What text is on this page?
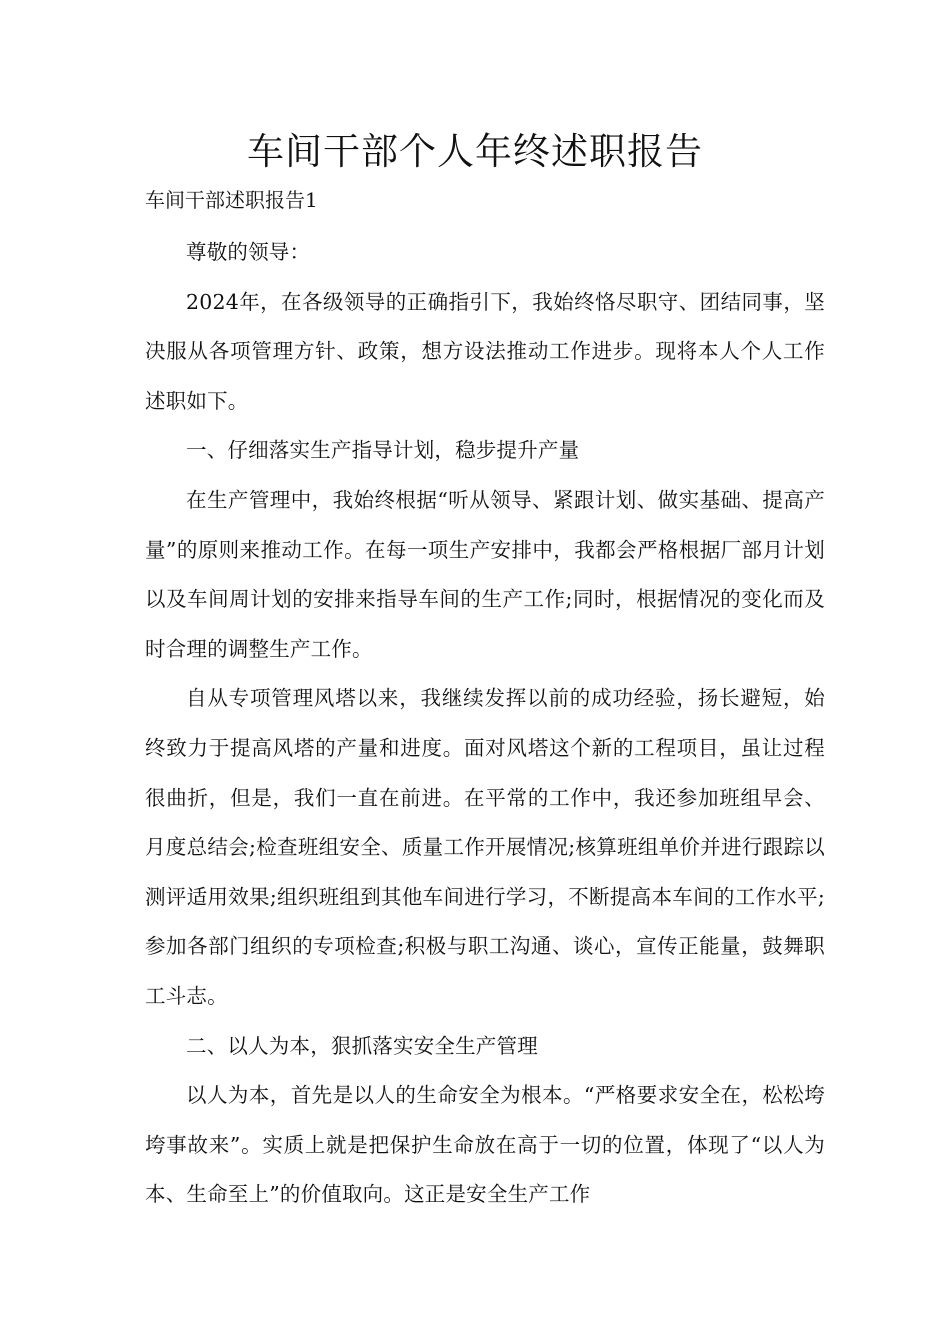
车间干部个人年终述职报告

车间干部述职报告1

尊敬的领导：

2024年，在各级领导的正确指引下，我始终恪尽职守、团结同事，坚决服从各项管理方针、政策，想方设法推动工作进步。现将本人个人工作述职如下。

一、仔细落实生产指导计划，稳步提升产量

在生产管理中，我始终根据“听从领导、紧跟计划、做实基础、提高产量”的原则来推动工作。在每一项生产安排中，我都会严格根据厂部月计划以及车间周计划的安排来指导车间的生产工作;同时，根据情况的变化而及时合理的调整生产工作。

自从专项管理风塔以来，我继续发挥以前的成功经验，扬长避短，始终致力于提高风塔的产量和进度。面对风塔这个新的工程项目，虽让过程很曲折，但是，我们一直在前进。在平常的工作中，我还参加班组早会、月度总结会;检查班组安全、质量工作开展情况;核算班组单价并进行跟踪以测评适用效果;组织班组到其他车间进行学习，不断提高本车间的工作水平;参加各部门组织的专项检查;积极与职工沟通、谈心，宣传正能量，鼓舞职工斗志。

二、以人为本，狠抓落实安全生产管理

以人为本，首先是以人的生命安全为根本。“严格要求安全在，松松垮垮事故来”。实质上就是把保护生命放在高于一切的位置，体现了“以人为本、生命至上”的价值取向。这正是安全生产工作
